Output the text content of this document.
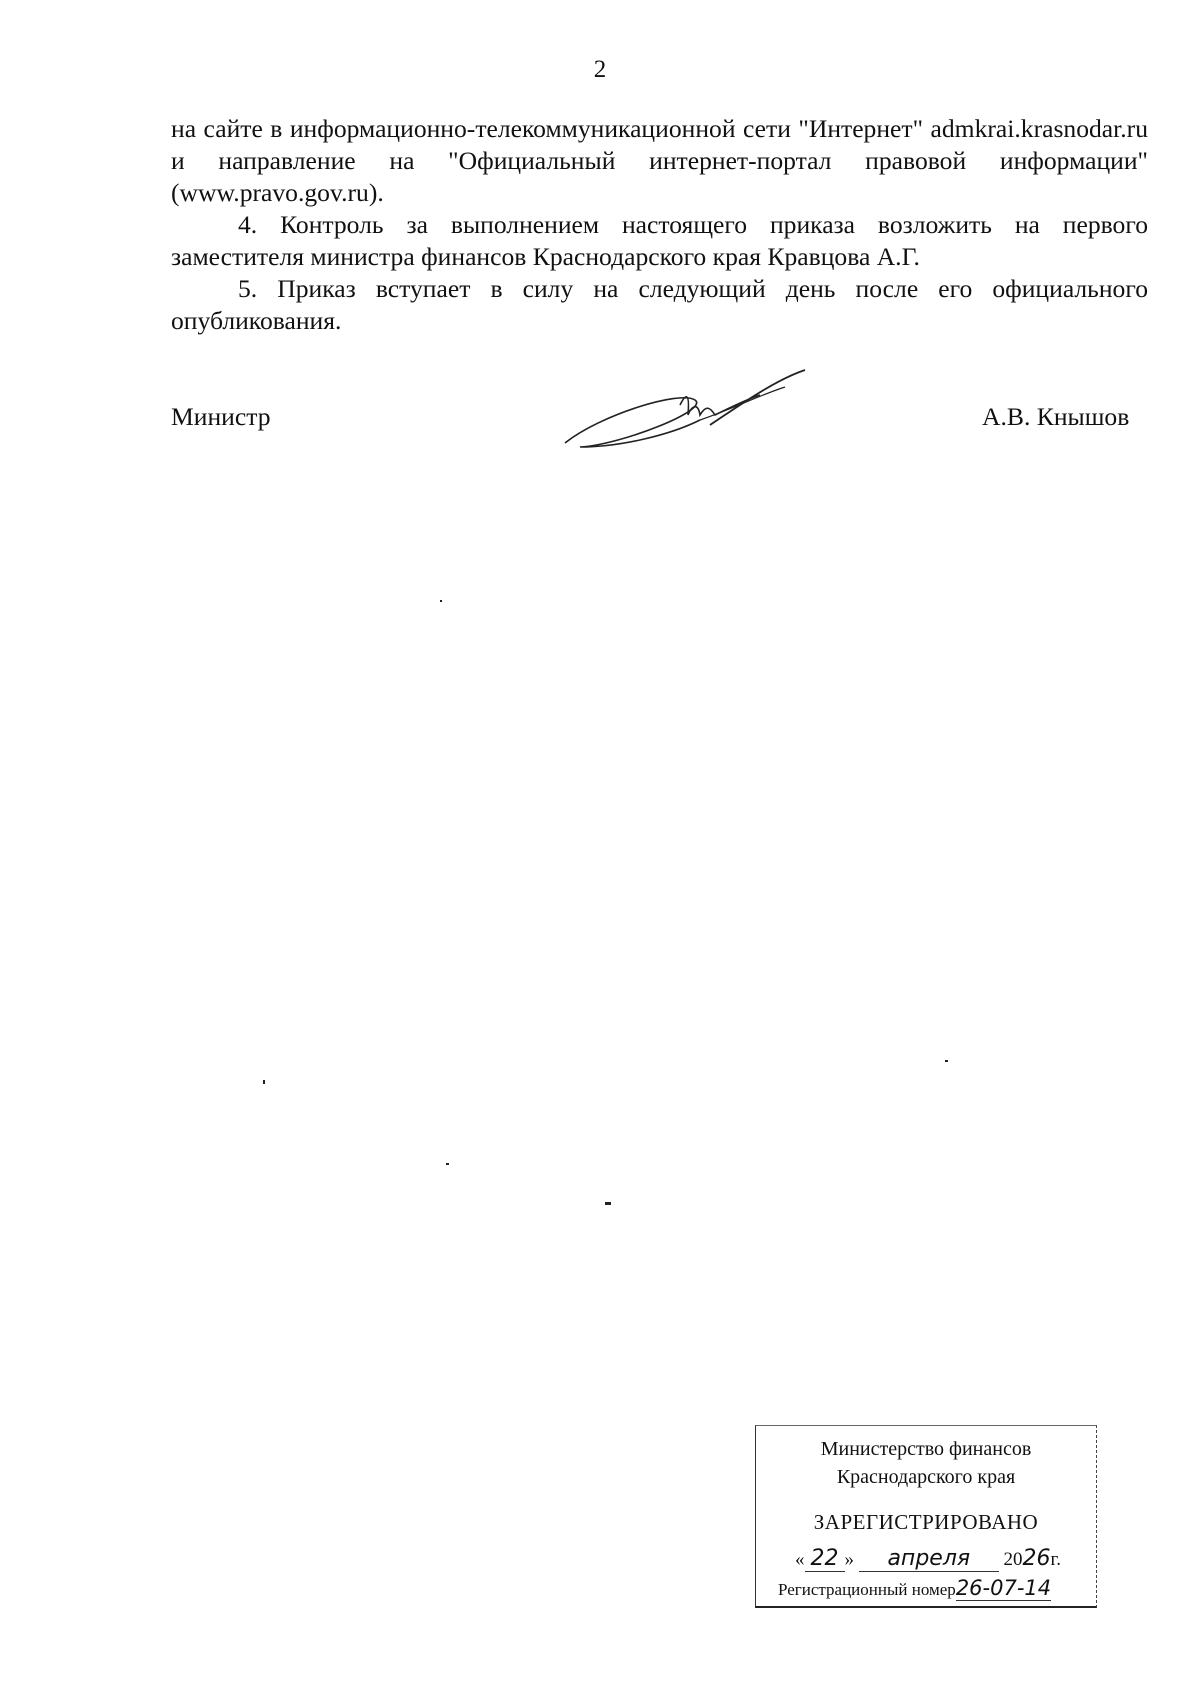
2

на сайте в информационно-телекоммуникационной сети "Интернет" admkrai.krasnodar.ru и направление на "Официальный интернет-портал правовой информации" (www.pravo.gov.ru).

4. Контроль за выполнением настоящего приказа возложить на первого заместителя министра финансов Краснодарского края Кравцова А.Г.

5. Приказ вступает в силу на следующий день после его официального опубликования.

Министр	А.В. Кнышов
Министерство финансов
Краснодарского края
ЗАРЕГИСТРИРОВАНО
« 22 » апреля 2026г.
Регистрационный номер26-07-14
